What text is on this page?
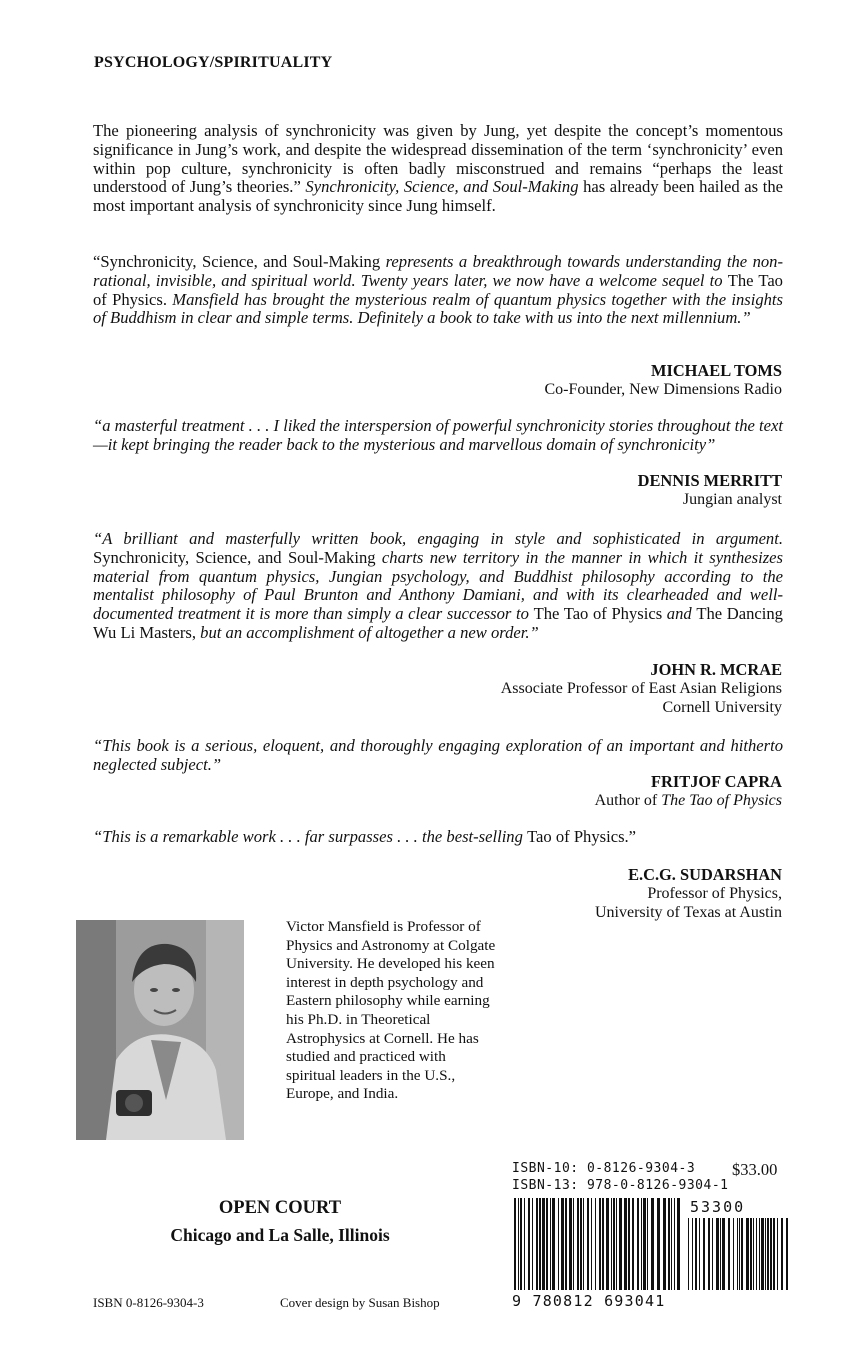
PSYCHOLOGY/SPIRITUALITY
The pioneering analysis of synchronicity was given by Jung, yet despite the concept’s momentous significance in Jung’s work, and despite the widespread dissemination of the term ‘synchronicity’ even within pop culture, synchronicity is often badly misconstrued and remains “perhaps the least understood of Jung’s theories.” Synchronicity, Science, and Soul-Making has already been hailed as the most important analysis of synchronicity since Jung himself.
“Synchronicity, Science, and Soul-Making represents a breakthrough towards understanding the non-rational, invisible, and spiritual world. Twenty years later, we now have a welcome sequel to The Tao of Physics. Mansfield has brought the mysterious realm of quantum physics together with the insights of Buddhism in clear and simple terms. Definitely a book to take with us into the next millennium.”
MICHAEL TOMS
Co-Founder, New Dimensions Radio
“a masterful treatment . . . I liked the interspersion of powerful synchronicity stories throughout the text—it kept bringing the reader back to the mysterious and marvellous domain of synchronicity”
DENNIS MERRITT
Jungian analyst
“A brilliant and masterfully written book, engaging in style and sophisticated in argument. Synchronicity, Science, and Soul-Making charts new territory in the manner in which it synthesizes material from quantum physics, Jungian psychology, and Buddhist philosophy according to the mentalist philosophy of Paul Brunton and Anthony Damiani, and with its clearheaded and well-documented treatment it is more than simply a clear successor to The Tao of Physics and The Dancing Wu Li Masters, but an accomplishment of altogether a new order.”
JOHN R. MCRAE
Associate Professor of East Asian Religions
Cornell University
“This book is a serious, eloquent, and thoroughly engaging exploration of an important and hitherto neglected subject.”
FRITJOF CAPRA
Author of The Tao of Physics
“This is a remarkable work . . . far surpasses . . . the best-selling Tao of Physics.”
E.C.G. SUDARSHAN
Professor of Physics,
University of Texas at Austin
Victor Mansfield is Professor of Physics and Astronomy at Colgate University. He developed his keen interest in depth psychology and Eastern philosophy while earning his Ph.D. in Theoretical Astrophysics at Cornell. He has studied and practiced with spiritual leaders in the U.S., Europe, and India.
OPEN COURT
Chicago and La Salle, Illinois
ISBN 0-8126-9304-3	Cover design by Susan Bishop
ISBN-10: 0-8126-9304-3
ISBN-13: 978-0-8126-9304-1
$33.00
53300
9 780812 693041
